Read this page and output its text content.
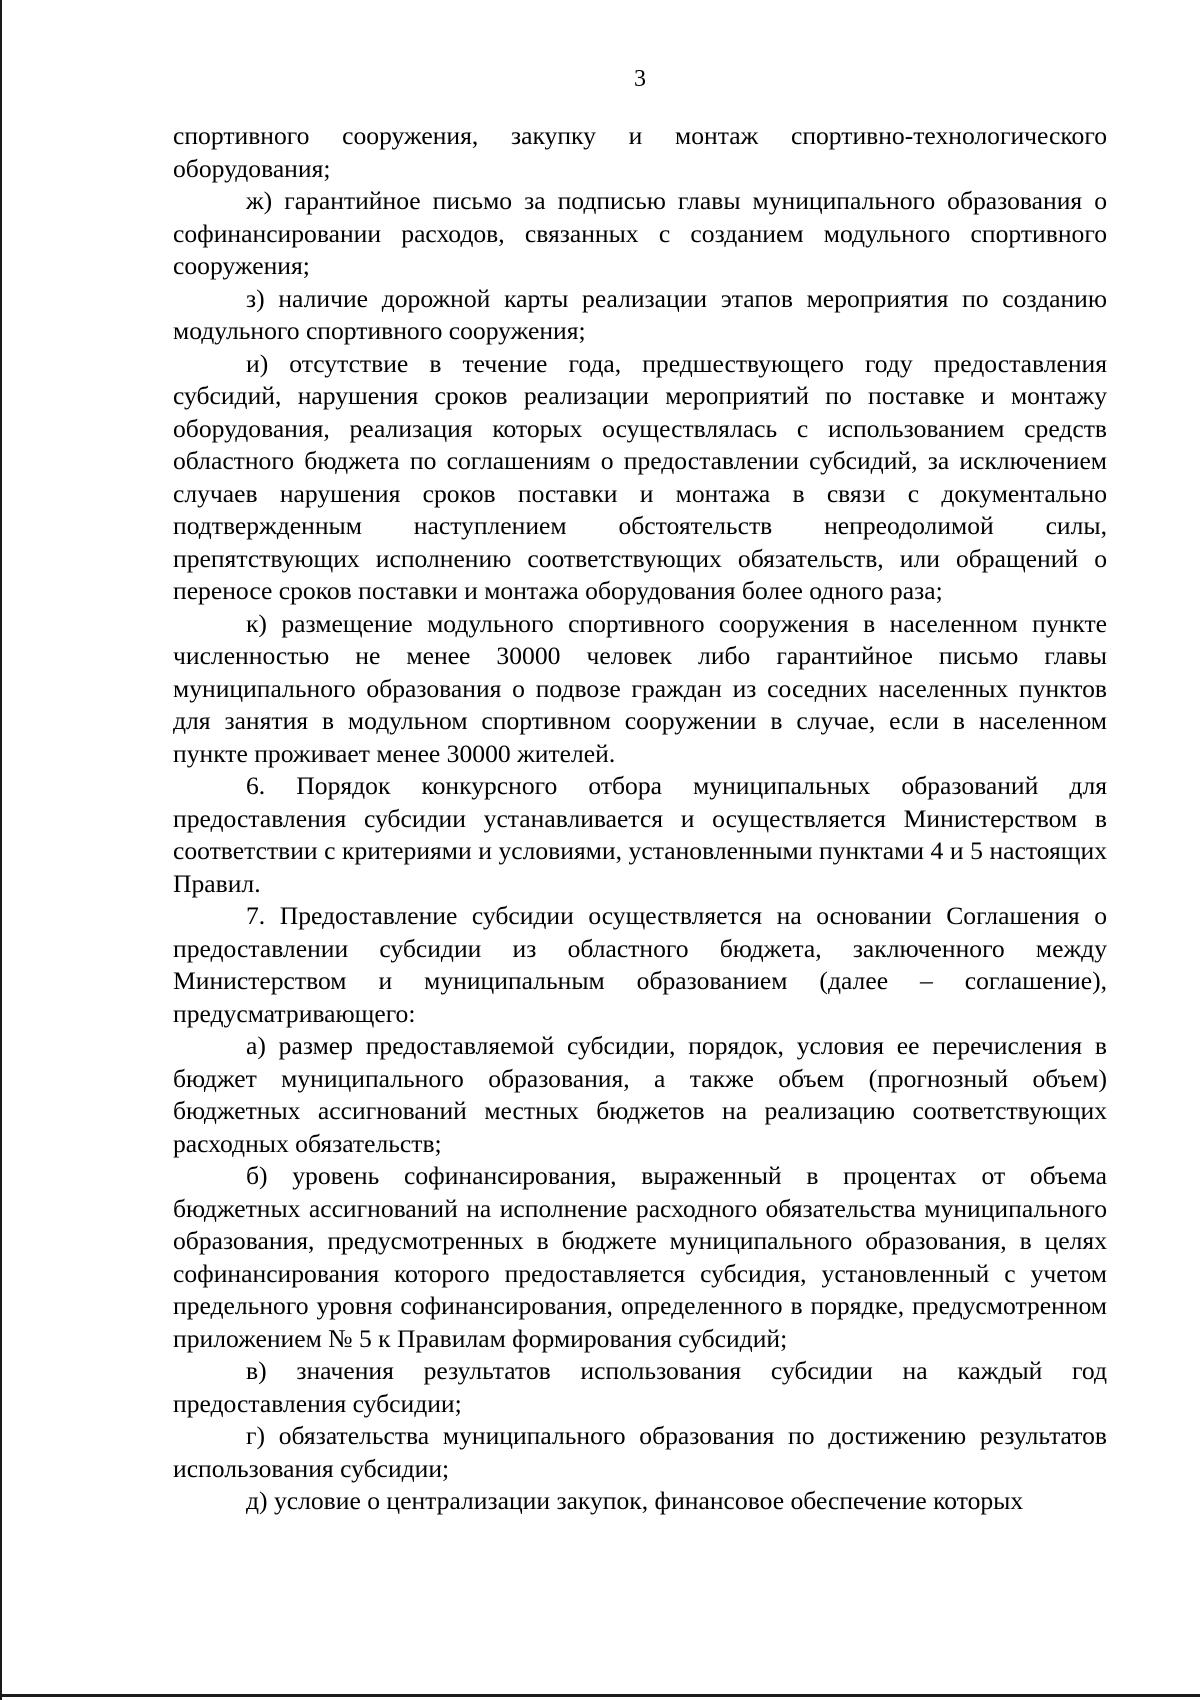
3

спортивного сооружения, закупку и монтаж спортивно-технологического оборудования;

ж) гарантийное письмо за подписью главы муниципального образования о софинансировании расходов, связанных с созданием модульного спортивного сооружения;

з) наличие дорожной карты реализации этапов мероприятия по созданию модульного спортивного сооружения;

и) отсутствие в течение года, предшествующего году предоставления субсидий, нарушения сроков реализации мероприятий по поставке и монтажу оборудования, реализация которых осуществлялась с использованием средств областного бюджета по соглашениям о предоставлении субсидий, за исключением случаев нарушения сроков поставки и монтажа в связи с документально подтвержденным наступлением обстоятельств непреодолимой силы, препятствующих исполнению соответствующих обязательств, или обращений о переносе сроков поставки и монтажа оборудования более одного раза;

к) размещение модульного спортивного сооружения в населенном пункте численностью не менее 30000 человек либо гарантийное письмо главы муниципального образования о подвозе граждан из соседних населенных пунктов для занятия в модульном спортивном сооружении в случае, если в населенном пункте проживает менее 30000 жителей.

6. Порядок конкурсного отбора муниципальных образований для предоставления субсидии устанавливается и осуществляется Министерством в соответствии с критериями и условиями, установленными пунктами 4 и 5 настоящих Правил.

7. Предоставление субсидии осуществляется на основании Соглашения о предоставлении субсидии из областного бюджета, заключенного между Министерством и муниципальным образованием (далее – соглашение), предусматривающего:

а) размер предоставляемой субсидии, порядок, условия ее перечисления в бюджет муниципального образования, а также объем (прогнозный объем) бюджетных ассигнований местных бюджетов на реализацию соответствующих расходных обязательств;

б) уровень софинансирования, выраженный в процентах от объема бюджетных ассигнований на исполнение расходного обязательства муниципального образования, предусмотренных в бюджете муниципального образования, в целях софинансирования которого предоставляется субсидия, установленный с учетом предельного уровня софинансирования, определенного в порядке, предусмотренном приложением № 5 к Правилам формирования субсидий;

в) значения результатов использования субсидии на каждый год предоставления субсидии;

г) обязательства муниципального образования по достижению результатов использования субсидии;

д) условие о централизации закупок, финансовое обеспечение которых
